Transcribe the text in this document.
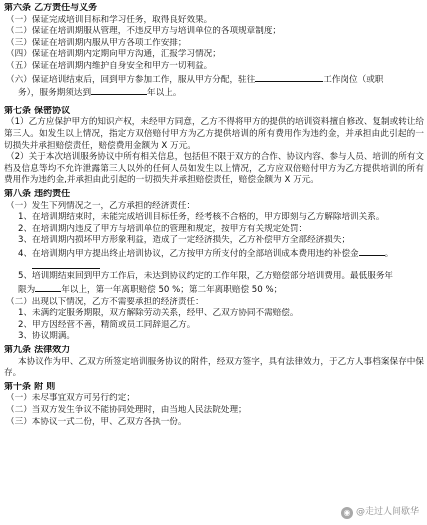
第六条 乙方责任与义务
（一）保证完成培训目标和学习任务，取得良好效果。
（二）保证在培训期服从管理，不违反甲方与培训单位的各项规章制度；
（三）保证在培训期内服从甲方各项工作安排；
（四）保证在培训期内定期向甲方沟通，汇报学习情况；
（五）保证在培训期内维护自身安全和甲方一切利益。
（六）保证培训结束后，回到甲方参加工作，服从甲方分配，驻往	工作岗位（或职
务），服务期须达到	年以上。
第七条 保密协议
（1）乙方应保护甲方的知识产权，未经甲方同意，乙方不得将甲方的提供的培训资料擅自修改、复制或转让给第三人。如发生以上情况，指定方双倍赔付甲方为乙方提供培训的所有费用作为违约金，并承担由此引起的一切损失并承担赔偿责任，赔偿费用金额为 X 万元。
（2）关于本次培训服务协议中所有相关信息，包括但不限于双方的合作、协议内容、参与人员、培训的所有文档及信息等均不允许泄露第三人以外的任何人员如发生以上情况，乙方应双倍赔付甲方为乙方提供培训的所有费用作为违约金,并承担由此引起的一切损失并承担赔偿责任，赔偿金额为 X 万元。
第八条 违约责任
（一）发生下列情况之一，乙方承担的经济责任：
1、在培训期结束时，未能完成培训目标任务，经考核不合格的，甲方即刻与乙方解除培训关系。
2、在培训期内违反了甲方与培训单位的管理和规定，按甲方有关规定处罚：
3、在培训期内损坏甲方形象利益，造成了一定经济损失，乙方补偿甲方全部经济损失；
4、在培训期内甲方提出终止培训协议，乙方按甲方所支付的全部培训成本费用违约补偿金	。
5、培训期结束回到甲方工作后，未达到协议约定的工作年限，乙方赔偿部分培训费用。最低服务年
限为	年以上，第一年离职赔偿 50 %；第二年离职赔偿 50 %；
（二）出现以下情况，乙方不需要承担的经济责任：
1、未满约定服务期限，双方解除劳动关系，经甲、乙双方协同不需赔偿。
2、甲方因经营不善，精简或员工同辞退乙方。
3、协议期满。
第九条 法律效力
本协议作为甲、乙双方所签定培训服务协议的附件，经双方签字，具有法律效力，于乙方人事档案保存中保存。
第十条 附 则
（一）未尽事宜双方可另行约定；
（二）当双方发生争议不能协同处理时，由当地人民法院处理；
（三）本协议一式二份，甲、乙双方各执一份。
◉ @走过人间歇华
